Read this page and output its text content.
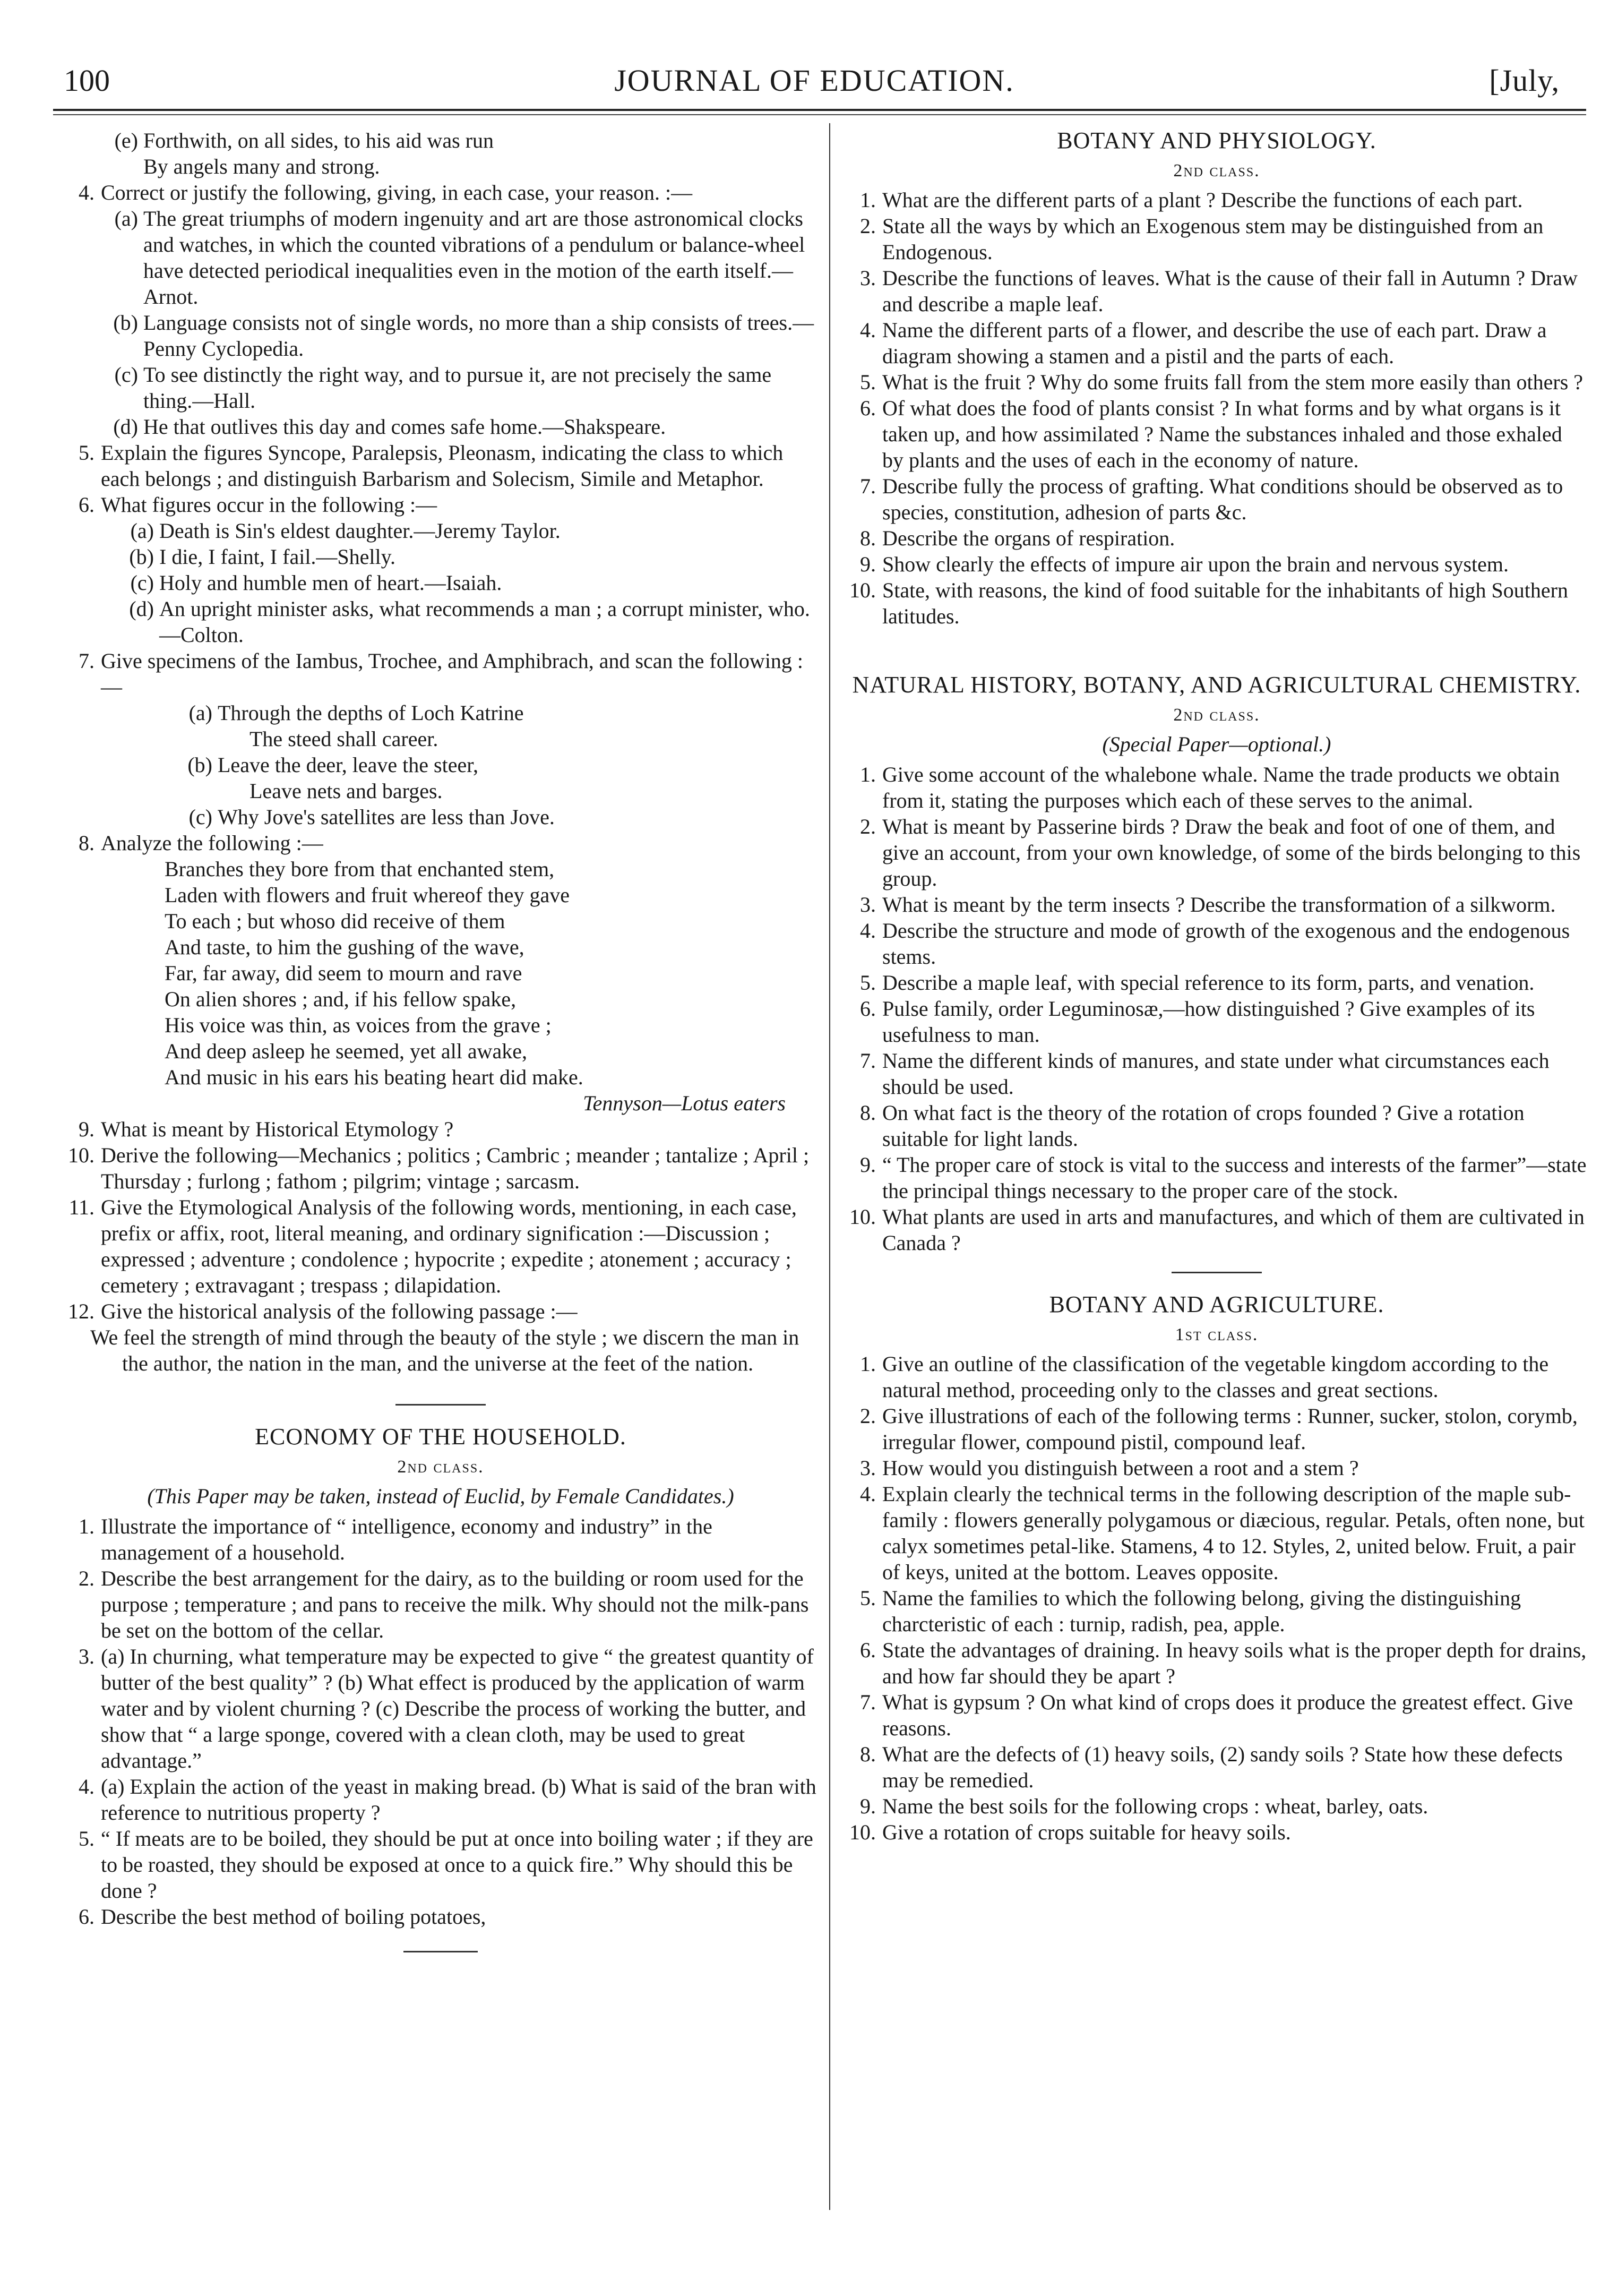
100	JOURNAL OF EDUCATION.	[July,
(e) Forthwith, on all sides, to his aid was run
By angels many and strong.
4. Correct or justify the following, giving, in each case, your reason. :—
(a) The great triumphs of modern ingenuity and art are those astronomical clocks and watches, in which the counted vibrations of a pendulum or balance-wheel have detected periodical inequalities even in the motion of the earth itself.—Arnot.
(b) Language consists not of single words, no more than a ship consists of trees.—Penny Cyclopedia.
(c) To see distinctly the right way, and to pursue it, are not precisely the same thing.—Hall.
(d) He that outlives this day and comes safe home.—Shakspeare.
5. Explain the figures Syncope, Paralepsis, Pleonasm, indicating the class to which each belongs ; and distinguish Barbarism and Solecism, Simile and Metaphor.
6. What figures occur in the following :—
(a) Death is Sin's eldest daughter.—Jeremy Taylor.
(b) I die, I faint, I fail.—Shelly.
(c) Holy and humble men of heart.—Isaiah.
(d) An upright minister asks, what recommends a man ; a corrupt minister, who.—Colton.
7. Give specimens of the Iambus, Trochee, and Amphibrach, and scan the following :—
(a) Through the depths of Loch Katrine
The steed shall career.
(b) Leave the deer, leave the steer,
Leave nets and barges.
(c) Why Jove's satellites are less than Jove.
8. Analyze the following :—
Branches they bore from that enchanted stem,
Laden with flowers and fruit whereof they gave
To each ; but whoso did receive of them
And taste, to him the gushing of the wave,
Far, far away, did seem to mourn and rave
On alien shores ; and, if his fellow spake,
His voice was thin, as voices from the grave ;
And deep asleep he seemed, yet all awake,
And music in his ears his beating heart did make.
Tennyson—Lotus eaters
9. What is meant by Historical Etymology ?
10. Derive the following—Mechanics ; politics ; Cambric ; meander ; tantalize ; April ; Thursday ; furlong ; fathom ; pilgrim; vintage ; sarcasm.
11. Give the Etymological Analysis of the following words, mentioning, in each case, prefix or affix, root, literal meaning, and ordinary signification :—Discussion ; expressed ; adventure ; condolence ; hypocrite ; expedite ; atonement ; accuracy ; cemetery ; extravagant ; trespass ; dilapidation.
12. Give the historical analysis of the following passage :—
We feel the strength of mind through the beauty of the style ; we discern the man in the author, the nation in the man, and the universe at the feet of the nation.
ECONOMY OF THE HOUSEHOLD.
2nd class.
(This Paper may be taken, instead of Euclid, by Female Candidates.)
1. Illustrate the importance of “ intelligence, economy and industry” in the management of a household.
2. Describe the best arrangement for the dairy, as to the building or room used for the purpose ; temperature ; and pans to receive the milk. Why should not the milk-pans be set on the bottom of the cellar.
3. (a) In churning, what temperature may be expected to give “ the greatest quantity of butter of the best quality” ? (b) What effect is produced by the application of warm water and by violent churning ? (c) Describe the process of working the butter, and show that “ a large sponge, covered with a clean cloth, may be used to great advantage.”
4. (a) Explain the action of the yeast in making bread. (b) What is said of the bran with reference to nutritious property ?
5. “ If meats are to be boiled, they should be put at once into boiling water ; if they are to be roasted, they should be exposed at once to a quick fire.” Why should this be done ?
6. Describe the best method of boiling potatoes,
BOTANY AND PHYSIOLOGY.
2nd class.
1. What are the different parts of a plant ? Describe the functions of each part.
2. State all the ways by which an Exogenous stem may be distinguished from an Endogenous.
3. Describe the functions of leaves. What is the cause of their fall in Autumn ? Draw and describe a maple leaf.
4. Name the different parts of a flower, and describe the use of each part. Draw a diagram showing a stamen and a pistil and the parts of each.
5. What is the fruit ? Why do some fruits fall from the stem more easily than others ?
6. Of what does the food of plants consist ? In what forms and by what organs is it taken up, and how assimilated ? Name the substances inhaled and those exhaled by plants and the uses of each in the economy of nature.
7. Describe fully the process of grafting. What conditions should be observed as to species, constitution, adhesion of parts &c.
8. Describe the organs of respiration.
9. Show clearly the effects of impure air upon the brain and nervous system.
10. State, with reasons, the kind of food suitable for the inhabitants of high Southern latitudes.
NATURAL HISTORY, BOTANY, AND AGRICULTURAL CHEMISTRY.
2nd class.
(Special Paper—optional.)
1. Give some account of the whalebone whale. Name the trade products we obtain from it, stating the purposes which each of these serves to the animal.
2. What is meant by Passerine birds ? Draw the beak and foot of one of them, and give an account, from your own knowledge, of some of the birds belonging to this group.
3. What is meant by the term insects ? Describe the transformation of a silkworm.
4. Describe the structure and mode of growth of the exogenous and the endogenous stems.
5. Describe a maple leaf, with special reference to its form, parts, and venation.
6. Pulse family, order Leguminosæ,—how distinguished ? Give examples of its usefulness to man.
7. Name the different kinds of manures, and state under what circumstances each should be used.
8. On what fact is the theory of the rotation of crops founded ? Give a rotation suitable for light lands.
9. “ The proper care of stock is vital to the success and interests of the farmer”—state the principal things necessary to the proper care of the stock.
10. What plants are used in arts and manufactures, and which of them are cultivated in Canada ?
BOTANY AND AGRICULTURE.
1st class.
1. Give an outline of the classification of the vegetable kingdom according to the natural method, proceeding only to the classes and great sections.
2. Give illustrations of each of the following terms : Runner, sucker, stolon, corymb, irregular flower, compound pistil, compound leaf.
3. How would you distinguish between a root and a stem ?
4. Explain clearly the technical terms in the following description of the maple sub-family : flowers generally polygamous or diæcious, regular. Petals, often none, but calyx sometimes petal-like. Stamens, 4 to 12. Styles, 2, united below. Fruit, a pair of keys, united at the bottom. Leaves opposite.
5. Name the families to which the following belong, giving the distinguishing charcteristic of each : turnip, radish, pea, apple.
6. State the advantages of draining. In heavy soils what is the proper depth for drains, and how far should they be apart ?
7. What is gypsum ? On what kind of crops does it produce the greatest effect. Give reasons.
8. What are the defects of (1) heavy soils, (2) sandy soils ? State how these defects may be remedied.
9. Name the best soils for the following crops : wheat, barley, oats.
10. Give a rotation of crops suitable for heavy soils.
